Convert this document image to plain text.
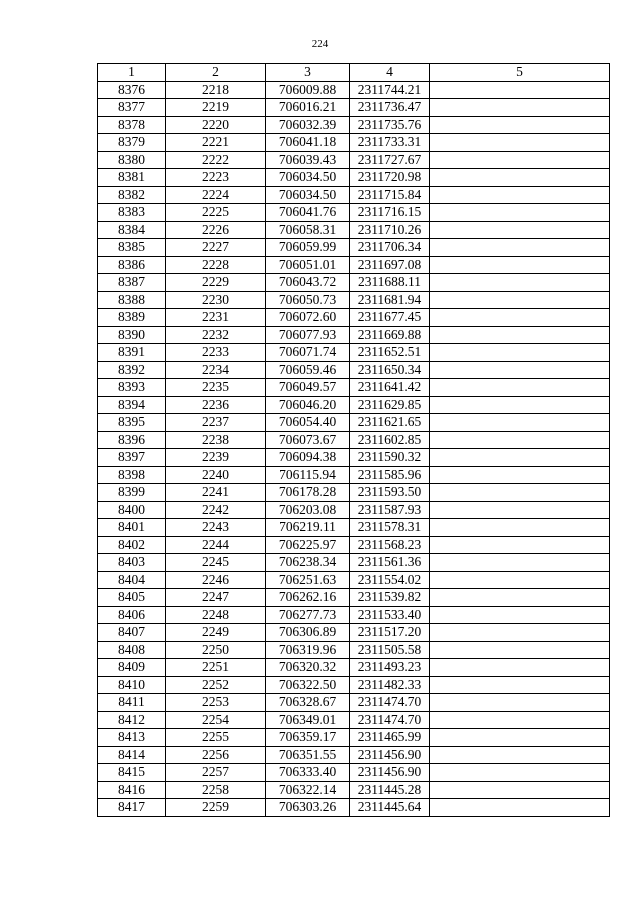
224
1	2	3	4	5
8376	2218	706009.88	2311744.21	
8377	2219	706016.21	2311736.47	
8378	2220	706032.39	2311735.76	
8379	2221	706041.18	2311733.31	
8380	2222	706039.43	2311727.67	
8381	2223	706034.50	2311720.98	
8382	2224	706034.50	2311715.84	
8383	2225	706041.76	2311716.15	
8384	2226	706058.31	2311710.26	
8385	2227	706059.99	2311706.34	
8386	2228	706051.01	2311697.08	
8387	2229	706043.72	2311688.11	
8388	2230	706050.73	2311681.94	
8389	2231	706072.60	2311677.45	
8390	2232	706077.93	2311669.88	
8391	2233	706071.74	2311652.51	
8392	2234	706059.46	2311650.34	
8393	2235	706049.57	2311641.42	
8394	2236	706046.20	2311629.85	
8395	2237	706054.40	2311621.65	
8396	2238	706073.67	2311602.85	
8397	2239	706094.38	2311590.32	
8398	2240	706115.94	2311585.96	
8399	2241	706178.28	2311593.50	
8400	2242	706203.08	2311587.93	
8401	2243	706219.11	2311578.31	
8402	2244	706225.97	2311568.23	
8403	2245	706238.34	2311561.36	
8404	2246	706251.63	2311554.02	
8405	2247	706262.16	2311539.82	
8406	2248	706277.73	2311533.40	
8407	2249	706306.89	2311517.20	
8408	2250	706319.96	2311505.58	
8409	2251	706320.32	2311493.23	
8410	2252	706322.50	2311482.33	
8411	2253	706328.67	2311474.70	
8412	2254	706349.01	2311474.70	
8413	2255	706359.17	2311465.99	
8414	2256	706351.55	2311456.90	
8415	2257	706333.40	2311456.90	
8416	2258	706322.14	2311445.28	
8417	2259	706303.26	2311445.64	
